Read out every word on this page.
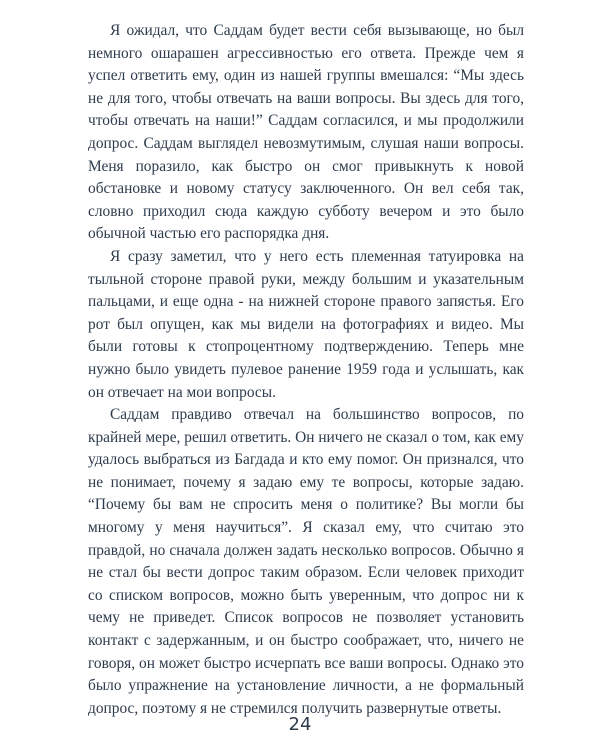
Я ожидал, что Саддам будет вести себя вызывающе, но был немного ошарашен агрессивностью его ответа. Прежде чем я успел ответить ему, один из нашей группы вмешался: “Мы здесь не для того, чтобы отвечать на ваши вопросы. Вы здесь для того, чтобы отвечать на наши!” Саддам согласился, и мы продолжили допрос. Саддам выглядел невозмутимым, слушая наши вопросы. Меня поразило, как быстро он смог привыкнуть к новой обстановке и новому статусу заключенного. Он вел себя так, словно приходил сюда каждую субботу вечером и это было обычной частью его распорядка дня.

Я сразу заметил, что у него есть племенная татуировка на тыльной стороне правой руки, между большим и указательным пальцами, и еще одна - на нижней стороне правого запястья. Его рот был опущен, как мы видели на фотографиях и видео. Мы были готовы к стопроцентному подтверждению. Теперь мне нужно было увидеть пулевое ранение 1959 года и услышать, как он отвечает на мои вопросы.

Саддам правдиво отвечал на большинство вопросов, по крайней мере, решил ответить. Он ничего не сказал о том, как ему удалось выбраться из Багдада и кто ему помог. Он признался, что не понимает, почему я задаю ему те вопросы, которые задаю. “Почему бы вам не спросить меня о политике? Вы могли бы многому у меня научиться”. Я сказал ему, что считаю это правдой, но сначала должен задать несколько вопросов. Обычно я не стал бы вести допрос таким образом. Если человек приходит со списком вопросов, можно быть уверенным, что допрос ни к чему не приведет. Список вопросов не позволяет установить контакт с задержанным, и он быстро соображает, что, ничего не говоря, он может быстро исчерпать все ваши вопросы. Однако это было упражнение на установление личности, а не формальный допрос, поэтому я не стремился получить развернутые ответы.

24
